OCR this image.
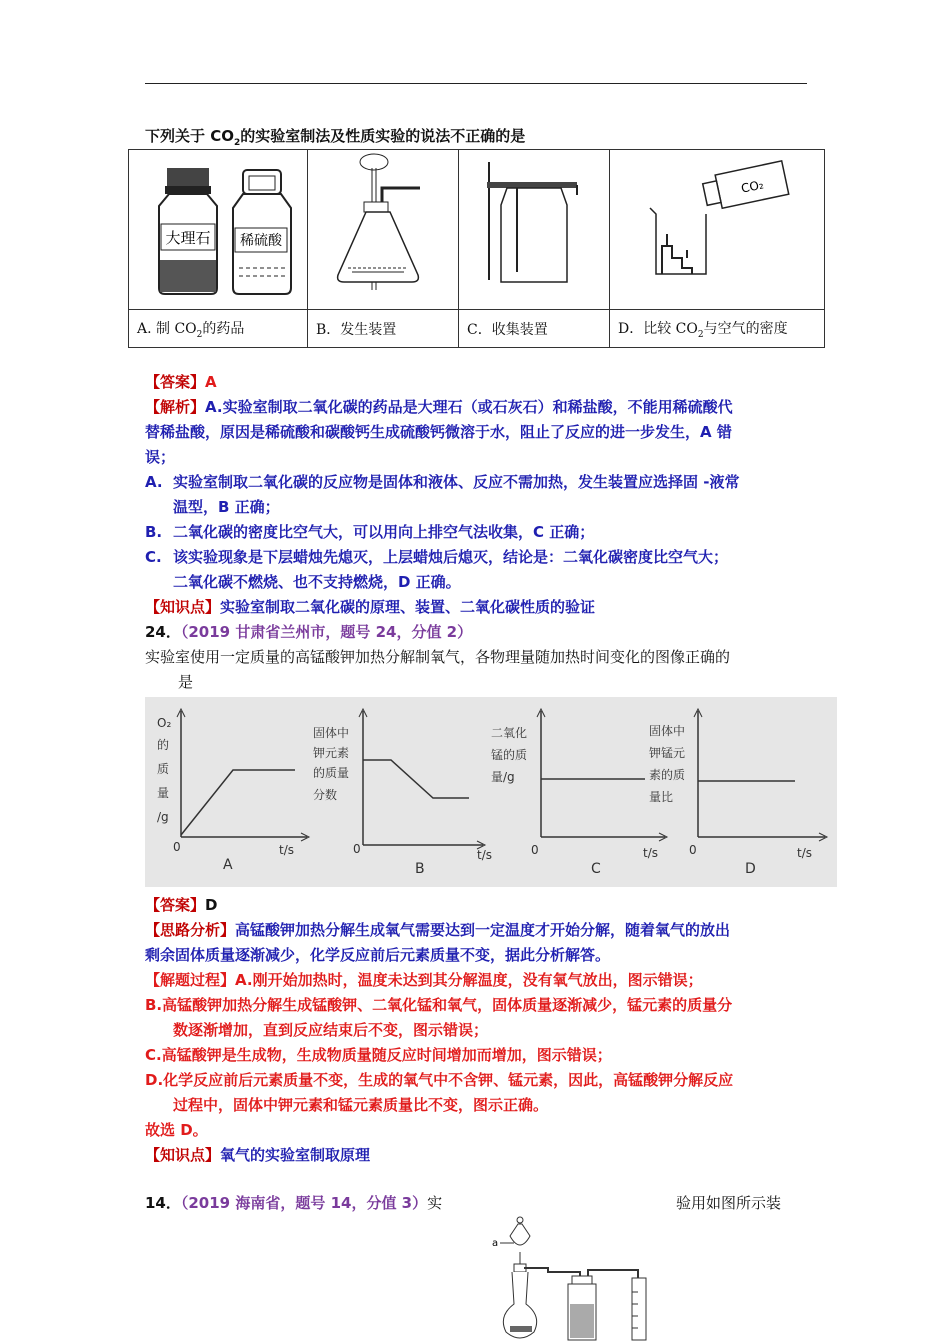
下列关于 $CO_2$的实验室制法及性质实验的说法不正确的是
大理石 稀硫酸			CO₂

A. 制 $CO_2$的药品	B．发生装置	C．收集装置	D．比较 $CO_2$与空气的密度
【答案】A
【解析】A.实验室制取二氧化碳的药品是大理石（或石灰石）和稀盐酸，不能用稀硫酸代
替稀盐酸，原因是稀硫酸和碳酸钙生成硫酸钙微溶于水，阻止了反应的进一步发生，A 错
误；
A. 实验室制取二氧化碳的反应物是固体和液体、反应不需加热，发生装置应选择固 -液常
温型，B 正确；
B. 二氧化碳的密度比空气大，可以用向上排空气法收集，C 正确；
C. 该实验现象是下层蜡烛先熄灭，上层蜡烛后熄灭，结论是：二氧化碳密度比空气大；
二氧化碳不燃烧、也不支持燃烧，D 正确。
【知识点】实验室制取二氧化碳的原理、装置、二氧化碳性质的验证
24．（2019 甘肃省兰州市，题号 24，分值 2）
实验室使用一定质量的高锰酸钾加热分解制氧气，各物理量随加热时间变化的图像正确的
是
O₂
的
质
量
/g
0	t/s
A
固体中
钾元素
的质量
分数
0	t/s
B
二氧化
锰的质
量/g
0	t/s
C
固体中
钾锰元
素的质
量比
0	t/s
D
【答案】D
【思路分析】高锰酸钾加热分解生成氧气需要达到一定温度才开始分解，随着氧气的放出
剩余固体质量逐渐减少，化学反应前后元素质量不变，据此分析解答。
【解题过程】A.刚开始加热时，温度未达到其分解温度，没有氧气放出，图示错误；
B.高锰酸钾加热分解生成锰酸钾、二氧化锰和氧气，固体质量逐渐减少，锰元素的质量分
数逐渐增加，直到反应结束后不变，图示错误；
C.高锰酸钾是生成物，生成物质量随反应时间增加而增加，图示错误；
D.化学反应前后元素质量不变，生成的氧气中不含钾、锰元素，因此，高锰酸钾分解反应
过程中，固体中钾元素和锰元素质量比不变，图示正确。
故选 D。
【知识点】氧气的实验室制取原理
14．（2019 海南省，题号 14，分值 3）实	验用如图所示装
a
